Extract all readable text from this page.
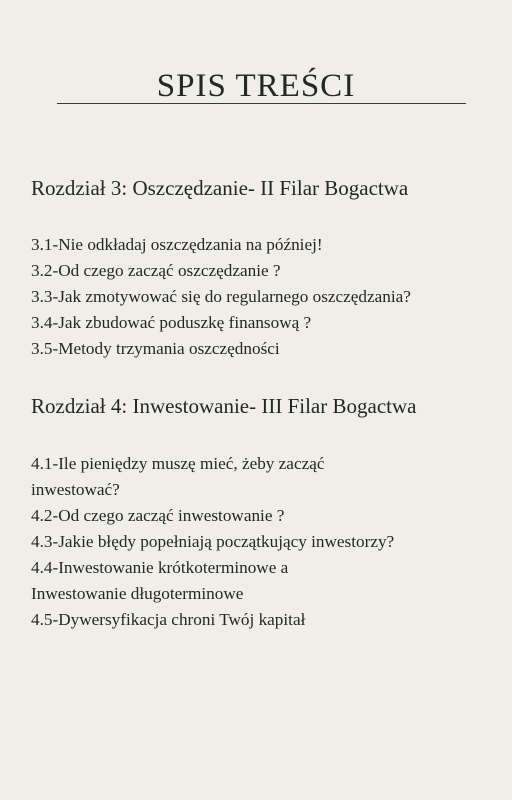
SPIS TREŚCI
Rozdział 3: Oszczędzanie- II Filar Bogactwa
3.1-Nie odkładaj oszczędzania na później!
3.2-Od czego zacząć oszczędzanie ?
3.3-Jak zmotywować się do regularnego oszczędzania?
3.4-Jak zbudować poduszkę finansową ?
3.5-Metody trzymania oszczędności
Rozdział 4: Inwestowanie- III Filar Bogactwa
4.1-Ile pieniędzy muszę mieć, żeby zacząć
inwestować?
4.2-Od czego zacząć inwestowanie ?
4.3-Jakie błędy popełniają początkujący inwestorzy?
4.4-Inwestowanie krótkoterminowe a
Inwestowanie długoterminowe
4.5-Dywersyfikacja chroni Twój kapitał
